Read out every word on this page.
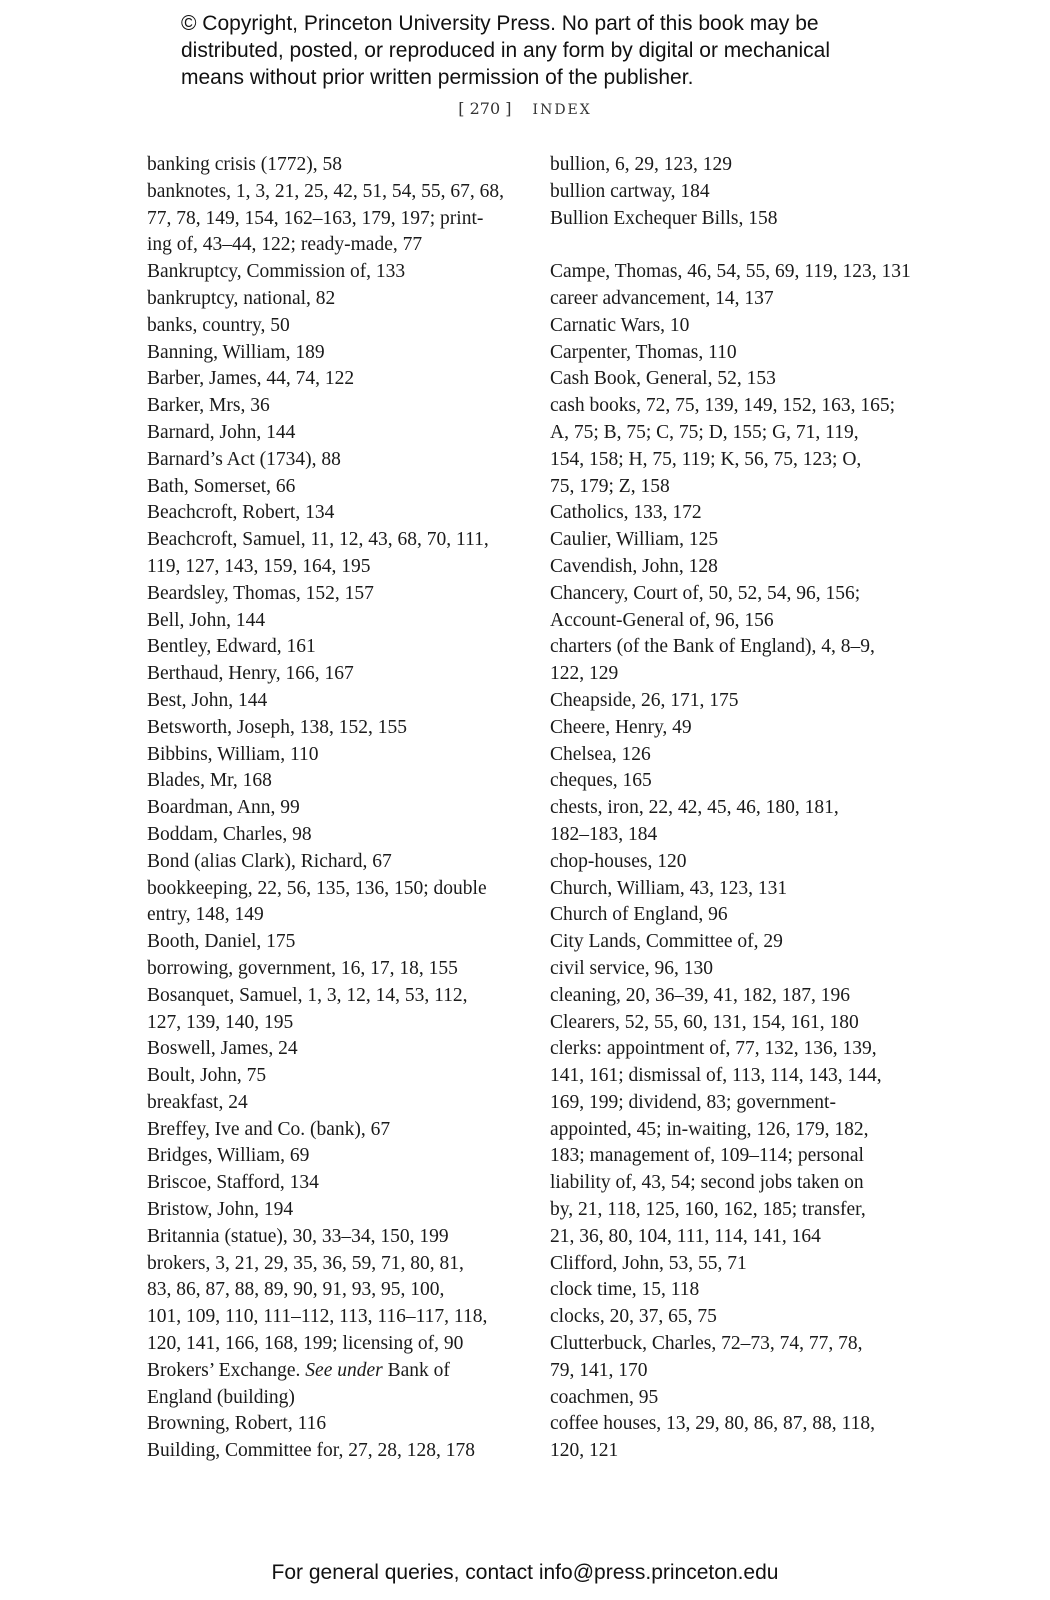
© Copyright, Princeton University Press. No part of this book may be
distributed, posted, or reproduced in any form by digital or mechanical
means without prior written permission of the publisher.
[ 270 ] INDEX
banking crisis (1772), 58
banknotes, 1, 3, 21, 25, 42, 51, 54, 55, 67, 68,
77, 78, 149, 154, 162–163, 179, 197; print-
ing of, 43–44, 122; ready-made, 77
Bankruptcy, Commission of, 133
bankruptcy, national, 82
banks, country, 50
Banning, William, 189
Barber, James, 44, 74, 122
Barker, Mrs, 36
Barnard, John, 144
Barnard’s Act (1734), 88
Bath, Somerset, 66
Beachcroft, Robert, 134
Beachcroft, Samuel, 11, 12, 43, 68, 70, 111,
119, 127, 143, 159, 164, 195
Beardsley, Thomas, 152, 157
Bell, John, 144
Bentley, Edward, 161
Berthaud, Henry, 166, 167
Best, John, 144
Betsworth, Joseph, 138, 152, 155
Bibbins, William, 110
Blades, Mr, 168
Boardman, Ann, 99
Boddam, Charles, 98
Bond (alias Clark), Richard, 67
bookkeeping, 22, 56, 135, 136, 150; double
entry, 148, 149
Booth, Daniel, 175
borrowing, government, 16, 17, 18, 155
Bosanquet, Samuel, 1, 3, 12, 14, 53, 112,
127, 139, 140, 195
Boswell, James, 24
Boult, John, 75
breakfast, 24
Breffey, Ive and Co. (bank), 67
Bridges, William, 69
Briscoe, Stafford, 134
Bristow, John, 194
Britannia (statue), 30, 33–34, 150, 199
brokers, 3, 21, 29, 35, 36, 59, 71, 80, 81,
83, 86, 87, 88, 89, 90, 91, 93, 95, 100,
101, 109, 110, 111–112, 113, 116–117, 118,
120, 141, 166, 168, 199; licensing of, 90
Brokers’ Exchange. See under Bank of
England (building)
Browning, Robert, 116
Building, Committee for, 27, 28, 128, 178
bullion, 6, 29, 123, 129
bullion cartway, 184
Bullion Exchequer Bills, 158
Campe, Thomas, 46, 54, 55, 69, 119, 123, 131
career advancement, 14, 137
Carnatic Wars, 10
Carpenter, Thomas, 110
Cash Book, General, 52, 153
cash books, 72, 75, 139, 149, 152, 163, 165;
A, 75; B, 75; C, 75; D, 155; G, 71, 119,
154, 158; H, 75, 119; K, 56, 75, 123; O,
75, 179; Z, 158
Catholics, 133, 172
Caulier, William, 125
Cavendish, John, 128
Chancery, Court of, 50, 52, 54, 96, 156;
Account-General of, 96, 156
charters (of the Bank of England), 4, 8–9,
122, 129
Cheapside, 26, 171, 175
Cheere, Henry, 49
Chelsea, 126
cheques, 165
chests, iron, 22, 42, 45, 46, 180, 181,
182–183, 184
chop-houses, 120
Church, William, 43, 123, 131
Church of England, 96
City Lands, Committee of, 29
civil service, 96, 130
cleaning, 20, 36–39, 41, 182, 187, 196
Clearers, 52, 55, 60, 131, 154, 161, 180
clerks: appointment of, 77, 132, 136, 139,
141, 161; dismissal of, 113, 114, 143, 144,
169, 199; dividend, 83; government-
appointed, 45; in-waiting, 126, 179, 182,
183; management of, 109–114; personal
liability of, 43, 54; second jobs taken on
by, 21, 118, 125, 160, 162, 185; transfer,
21, 36, 80, 104, 111, 114, 141, 164
Clifford, John, 53, 55, 71
clock time, 15, 118
clocks, 20, 37, 65, 75
Clutterbuck, Charles, 72–73, 74, 77, 78,
79, 141, 170
coachmen, 95
coffee houses, 13, 29, 80, 86, 87, 88, 118,
120, 121
For general queries, contact info@press.princeton.edu
